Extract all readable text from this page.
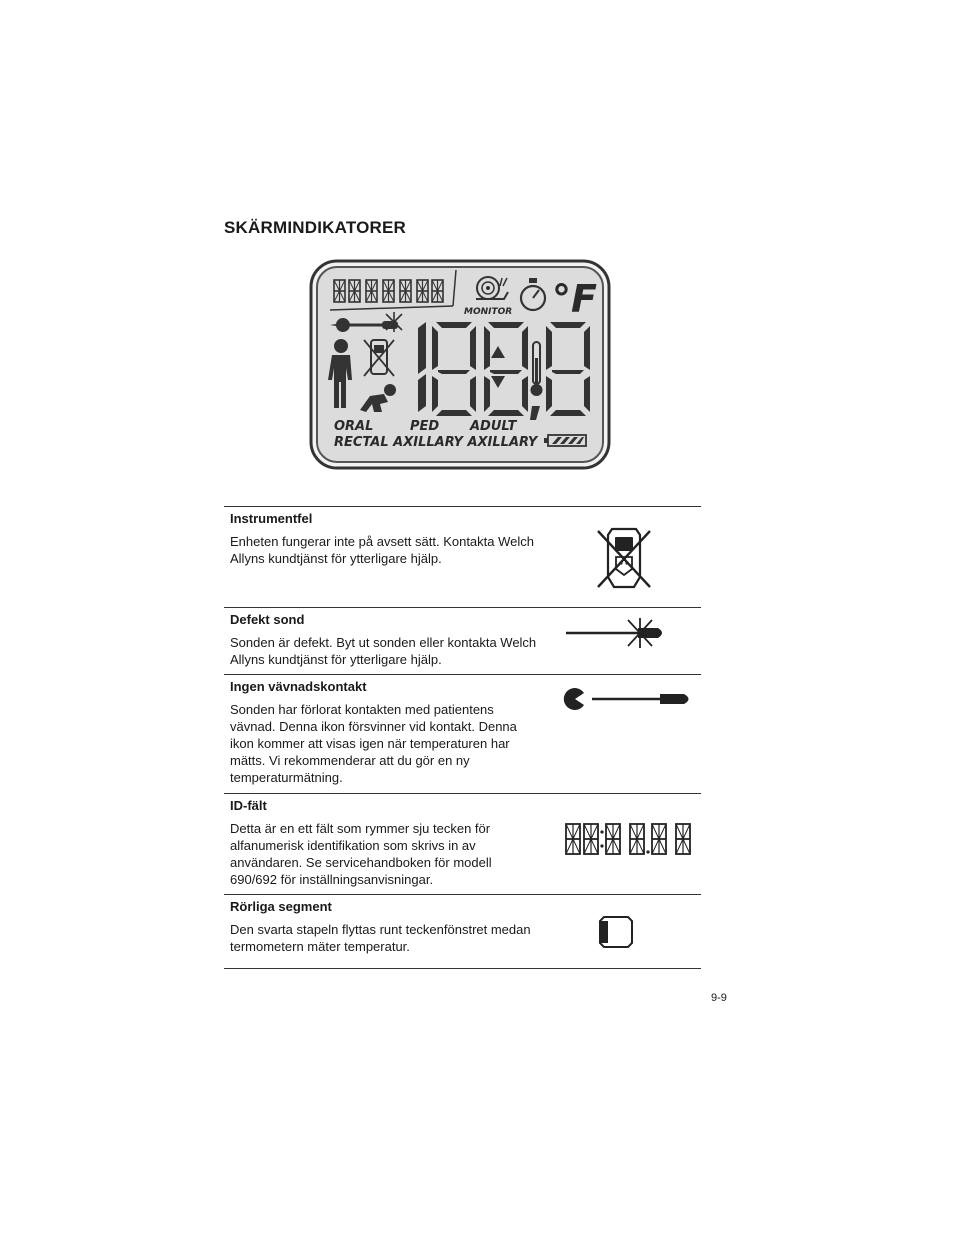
SKÄRMINDIKATORER
MONITOR °F
ORAL	PED ADULT
RECTAL AXILLARY AXILLARY

Instrumentfel

Enheten fungerar inte på avsett sätt. Kontakta Welch Allyns kundtjänst för ytterligare hjälp.

Defekt sond

Sonden är defekt. Byt ut sonden eller kontakta Welch Allyns kundtjänst för ytterligare hjälp.

Ingen vävnadskontakt

Sonden har förlorat kontakten med patientens vävnad. Denna ikon försvinner vid kontakt. Denna ikon kommer att visas igen när temperaturen har mätts. Vi rekommenderar att du gör en ny temperaturmätning.

ID-fält

Detta är en ett fält som rymmer sju tecken för alfanumerisk identifikation som skrivs in av användaren. Se servicehandboken för modell 690/692 för inställningsanvisningar.

Rörliga segment

Den svarta stapeln flyttas runt teckenfönstret medan termometern mäter temperatur.

9-9
